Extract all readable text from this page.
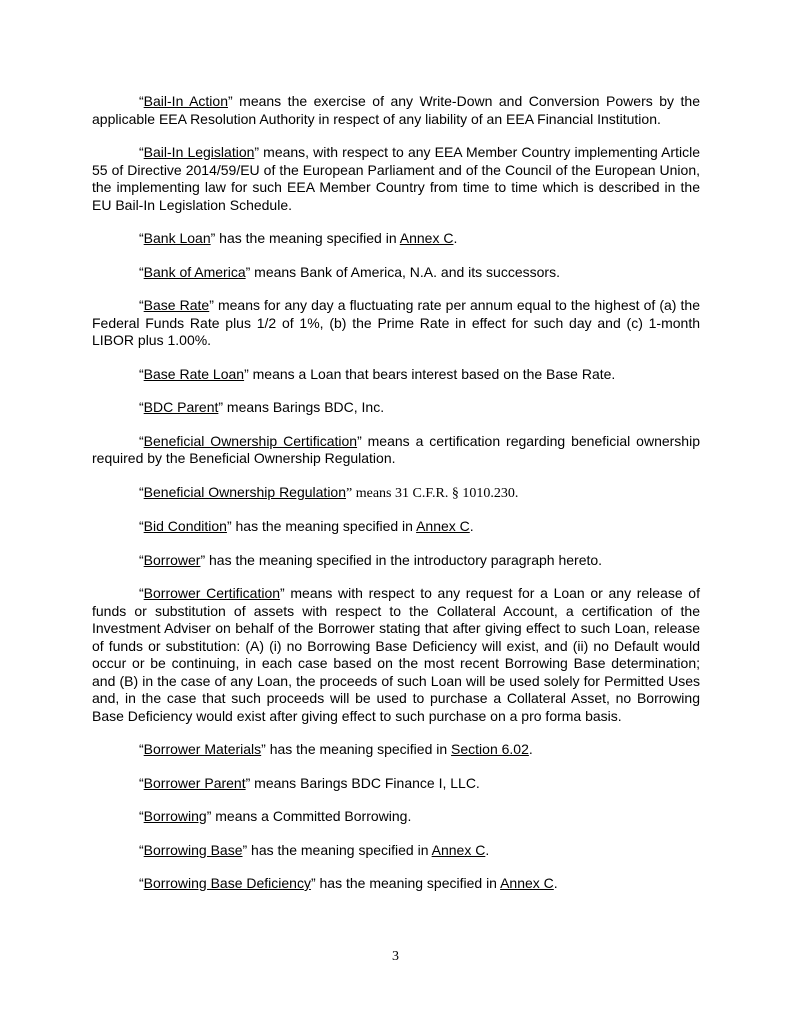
“Bail-In Action” means the exercise of any Write-Down and Conversion Powers by the applicable EEA Resolution Authority in respect of any liability of an EEA Financial Institution.

“Bail-In Legislation” means, with respect to any EEA Member Country implementing Article 55 of Directive 2014/59/EU of the European Parliament and of the Council of the European Union, the implementing law for such EEA Member Country from time to time which is described in the EU Bail-In Legislation Schedule.

“Bank Loan” has the meaning specified in Annex C.

“Bank of America” means Bank of America, N.A. and its successors.

“Base Rate” means for any day a fluctuating rate per annum equal to the highest of (a) the Federal Funds Rate plus 1/2 of 1%, (b) the Prime Rate in effect for such day and (c) 1-month LIBOR plus 1.00%.

“Base Rate Loan” means a Loan that bears interest based on the Base Rate.

“BDC Parent” means Barings BDC, Inc.

“Beneficial Ownership Certification” means a certification regarding beneficial ownership required by the Beneficial Ownership Regulation.

“Beneficial Ownership Regulation” means 31 C.F.R. § 1010.230.

“Bid Condition” has the meaning specified in Annex C.

“Borrower” has the meaning specified in the introductory paragraph hereto.

“Borrower Certification” means with respect to any request for a Loan or any release of funds or substitution of assets with respect to the Collateral Account, a certification of the Investment Adviser on behalf of the Borrower stating that after giving effect to such Loan, release of funds or substitution: (A) (i) no Borrowing Base Deficiency will exist, and (ii) no Default would occur or be continuing, in each case based on the most recent Borrowing Base determination; and (B) in the case of any Loan, the proceeds of such Loan will be used solely for Permitted Uses and, in the case that such proceeds will be used to purchase a Collateral Asset, no Borrowing Base Deficiency would exist after giving effect to such purchase on a pro forma basis.

“Borrower Materials” has the meaning specified in Section 6.02.

“Borrower Parent” means Barings BDC Finance I, LLC.

“Borrowing” means a Committed Borrowing.

“Borrowing Base” has the meaning specified in Annex C.

“Borrowing Base Deficiency” has the meaning specified in Annex C.

3
